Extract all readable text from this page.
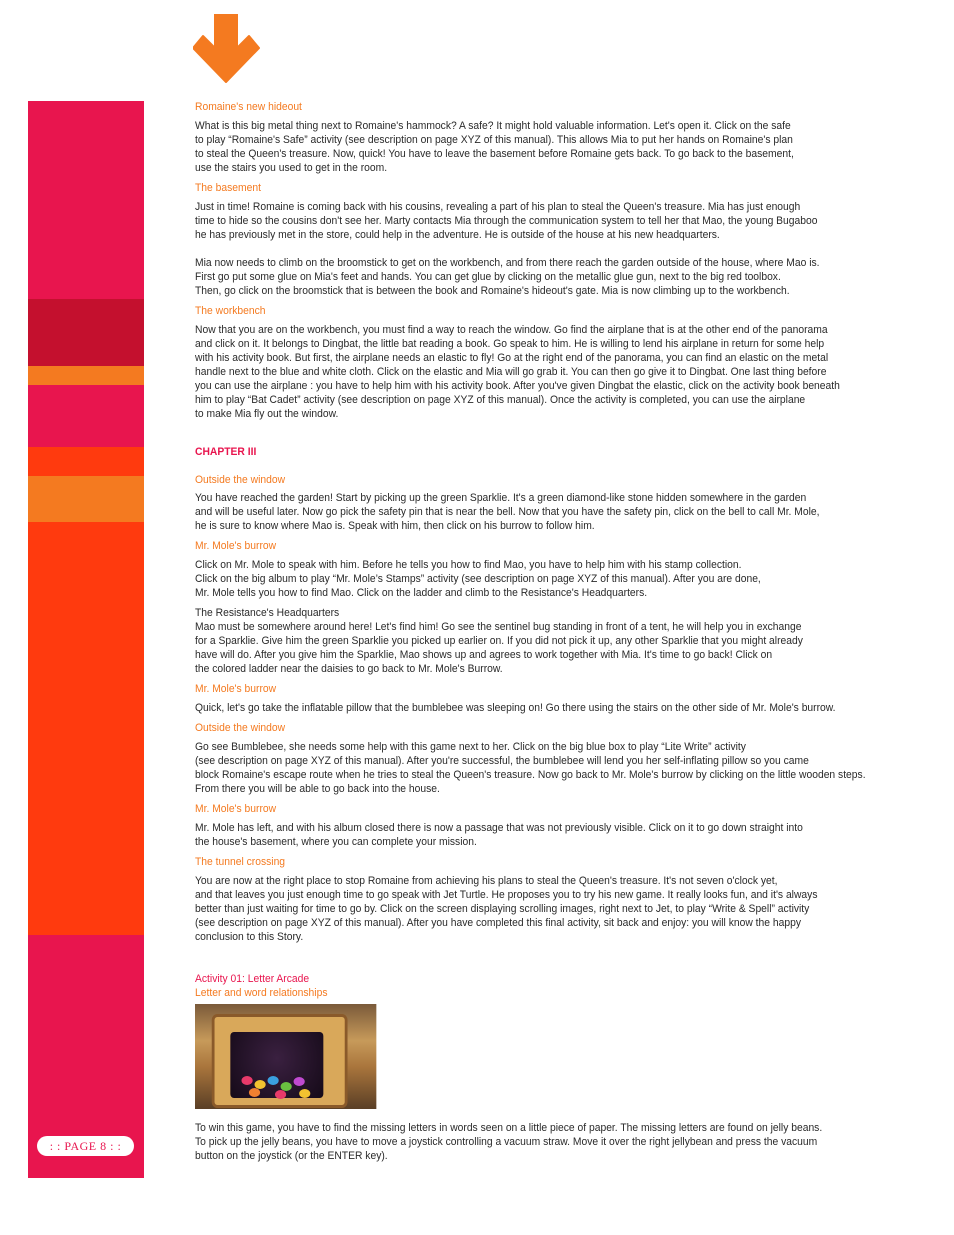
: : PAGE 8 : :

Romaine's new hideout

What is this big metal thing next to Romaine's hammock? A safe? It might hold valuable information. Let's open it. Click on the safe

to play “Romaine's Safe” activity (see description on page XYZ of this manual). This allows Mia to put her hands on Romaine's plan

to steal the Queen's treasure. Now, quick! You have to leave the basement before Romaine gets back. To go back to the basement,

use the stairs you used to get in the room.

The basement

Just in time! Romaine is coming back with his cousins, revealing a part of his plan to steal the Queen's treasure. Mia has just enough

time to hide so the cousins don't see her. Marty contacts Mia through the communication system to tell her that Mao, the young Bugaboo

he has previously met in the store, could help in the adventure. He is outside of the house at his new headquarters.

Mia now needs to climb on the broomstick to get on the workbench, and from there reach the garden outside of the house, where Mao is.

First go put some glue on Mia's feet and hands. You can get glue by clicking on the metallic glue gun, next to the big red toolbox.

Then, go click on the broomstick that is between the book and Romaine's hideout's gate. Mia is now climbing up to the workbench.

The workbench

Now that you are on the workbench, you must find a way to reach the window. Go find the airplane that is at the other end of the panorama

and click on it. It belongs to Dingbat, the little bat reading a book. Go speak to him. He is willing to lend his airplane in return for some help

with his activity book. But first, the airplane needs an elastic to fly! Go at the right end of the panorama, you can find an elastic on the metal

handle next to the blue and white cloth. Click on the elastic and Mia will go grab it. You can then go give it to Dingbat. One last thing before

you can use the airplane : you have to help him with his activity book. After you've given Dingbat the elastic, click on the activity book beneath

him to play “Bat Cadet” activity (see description on page XYZ of this manual). Once the activity is completed, you can use the airplane

to make Mia fly out the window.

CHAPTER III

Outside the window

You have reached the garden! Start by picking up the green Sparklie. It's a green diamond-like stone hidden somewhere in the garden

and will be useful later. Now go pick the safety pin that is near the bell. Now that you have the safety pin, click on the bell to call Mr. Mole,

he is sure to know where Mao is. Speak with him, then click on his burrow to follow him.

Mr. Mole's burrow

Click on Mr. Mole to speak with him. Before he tells you how to find Mao, you have to help him with his stamp collection.

Click on the big album to play “Mr. Mole’s Stamps” activity (see description on page XYZ of this manual). After you are done,

Mr. Mole tells you how to find Mao. Click on the ladder and climb to the Resistance's Headquarters.

The Resistance's Headquarters

Mao must be somewhere around here! Let's find him! Go see the sentinel bug standing in front of a tent, he will help you in exchange

for a Sparklie. Give him the green Sparklie you picked up earlier on. If you did not pick it up, any other Sparklie that you might already

have will do. After you give him the Sparklie, Mao shows up and agrees to work together with Mia. It's time to go back! Click on

the colored ladder near the daisies to go back to Mr. Mole's Burrow.

Mr. Mole's burrow

Quick, let's go take the inflatable pillow that the bumblebee was sleeping on! Go there using the stairs on the other side of Mr. Mole's burrow.

Outside the window

Go see Bumblebee, she needs some help with this game next to her. Click on the big blue box to play “Lite Write” activity

(see description on page XYZ of this manual). After you're successful, the bumblebee will lend you her self-inflating pillow so you came

block Romaine's escape route when he tries to steal the Queen's treasure. Now go back to Mr. Mole's burrow by clicking on the little wooden steps.

From there you will be able to go back into the house.

Mr. Mole's burrow

Mr. Mole has left, and with his album closed there is now a passage that was not previously visible. Click on it to go down straight into

the house's basement, where you can complete your mission.

The tunnel crossing

You are now at the right place to stop Romaine from achieving his plans to steal the Queen's treasure. It's not seven o'clock yet,

and that leaves you just enough time to go speak with Jet Turtle. He proposes you to try his new game. It really looks fun, and it's always

better than just waiting for time to go by. Click on the screen displaying scrolling images, right next to Jet, to play “Write & Spell” activity

(see description on page XYZ of this manual). After you have completed this final activity, sit back and enjoy: you will know the happy

conclusion to this Story.

Activity 01: Letter Arcade

Letter and word relationships

To win this game, you have to find the missing letters in words seen on a little piece of paper. The missing letters are found on jelly beans.

To pick up the jelly beans, you have to move a joystick controlling a vacuum straw. Move it over the right jellybean and press the vacuum

button on the joystick (or the ENTER key).
